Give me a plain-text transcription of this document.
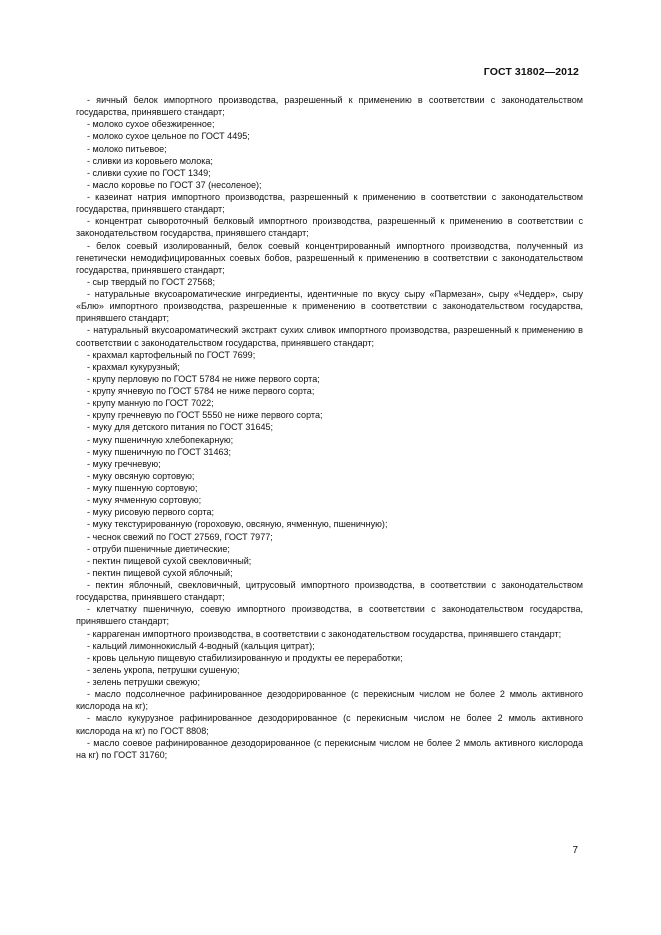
ГОСТ 31802—2012

- яичный белок импортного производства, разрешенный к применению в соответствии с законодательством государства, принявшего стандарт;

- молоко сухое обезжиренное;

- молоко сухое цельное по ГОСТ 4495;

- молоко питьевое;

- сливки из коровьего молока;

- сливки сухие по ГОСТ 1349;

- масло коровье по ГОСТ 37 (несоленое);

- казеинат натрия импортного производства, разрешенный к применению в соответствии с законодательством государства, принявшего стандарт;

- концентрат сывороточный белковый импортного производства, разрешенный к применению в соответствии с законодательством государства, принявшего стандарт;

- белок соевый изолированный, белок соевый концентрированный импортного производства, полученный из генетически немодифицированных соевых бобов, разрешенный к применению в соответствии с законодательством государства, принявшего стандарт;

- сыр твердый по ГОСТ 27568;

- натуральные вкусоароматические ингредиенты, идентичные по вкусу сыру «Пармезан», сыру «Чеддер», сыру «Блю» импортного производства, разрешенные к применению в соответствии с законодательством государства, принявшего стандарт;

- натуральный вкусоароматический экстракт сухих сливок импортного производства, разрешенный к применению в соответствии с законодательством государства, принявшего стандарт;

- крахмал картофельный по ГОСТ 7699;

- крахмал кукурузный;

- крупу перловую по ГОСТ 5784 не ниже первого сорта;

- крупу ячневую по ГОСТ 5784 не ниже первого сорта;

- крупу манную по ГОСТ 7022;

- крупу гречневую по ГОСТ 5550 не ниже первого сорта;

- муку для детского питания по ГОСТ 31645;

- муку пшеничную хлебопекарную;

- муку пшеничную по ГОСТ 31463;

- муку гречневую;

- муку овсяную сортовую;

- муку пшенную сортовую;

- муку ячменную сортовую;

- муку рисовую первого сорта;

- муку текстурированную (гороховую, овсяную, ячменную, пшеничную);

- чеснок свежий по ГОСТ 27569, ГОСТ 7977;

- отруби пшеничные диетические;

- пектин пищевой сухой свекловичный;

- пектин пищевой сухой яблочный;

- пектин яблочный, свекловичный, цитрусовый импортного производства, в соответствии с законодательством государства, принявшего стандарт;

- клетчатку пшеничную, соевую импортного производства, в соответствии с законодательством государства, принявшего стандарт;

- каррагенан импортного производства, в соответствии с законодательством государства, принявшего стандарт;

- кальций лимоннокислый 4-водный (кальция цитрат);

- кровь цельную пищевую стабилизированную и продукты ее переработки;

- зелень укропа, петрушки сушеную;

- зелень петрушки свежую;

- масло подсолнечное рафинированное дезодорированное (с перекисным числом не более 2 ммоль активного кислорода на кг);

- масло кукурузное рафинированное дезодорированное (с перекисным числом не более 2 ммоль активного кислорода на кг) по ГОСТ 8808;

- масло соевое рафинированное дезодорированное (с перекисным числом не более 2 ммоль активного кислорода на кг) по ГОСТ 31760;

7
